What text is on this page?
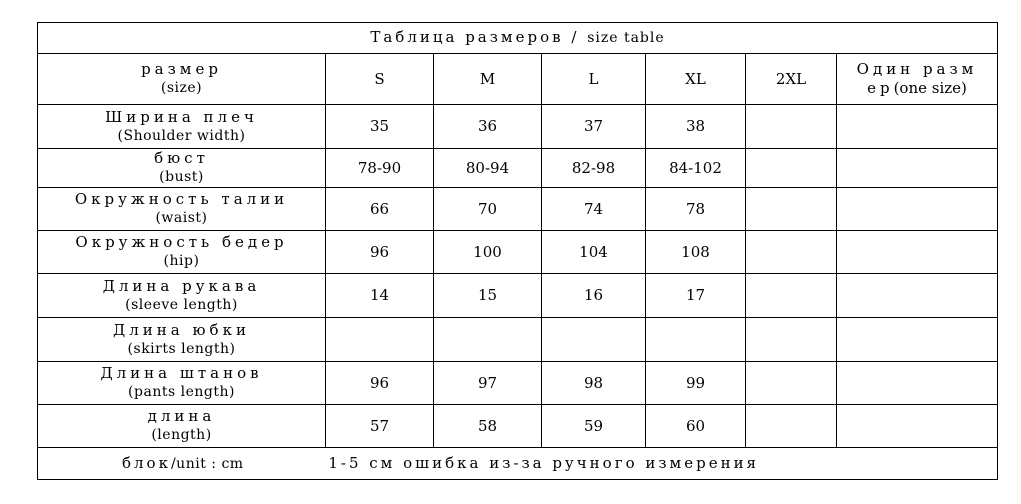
Таблица размеров / size table						

размер
(size)	S	M	L	XL	2XL	Один разм
ер(one size)

Ширина плеч
(Shoulder width)	35	36	37	38		

бюст
(bust)	78-90	80-94	82-98	84-102		

Окружность талии
(waist)	66	70	74	78		

Окружность бедер
(hip)	96	100	104	108		

Длина рукава
(sleeve length)	14	15	16	17		

Длина юбки
(skirts length)						

Длина штанов
(pants length)	96	97	98	99		

длина
(length)	57	58	59	60		
блок/unit : cm 1-5 см ошибка из-за ручного измерения						
